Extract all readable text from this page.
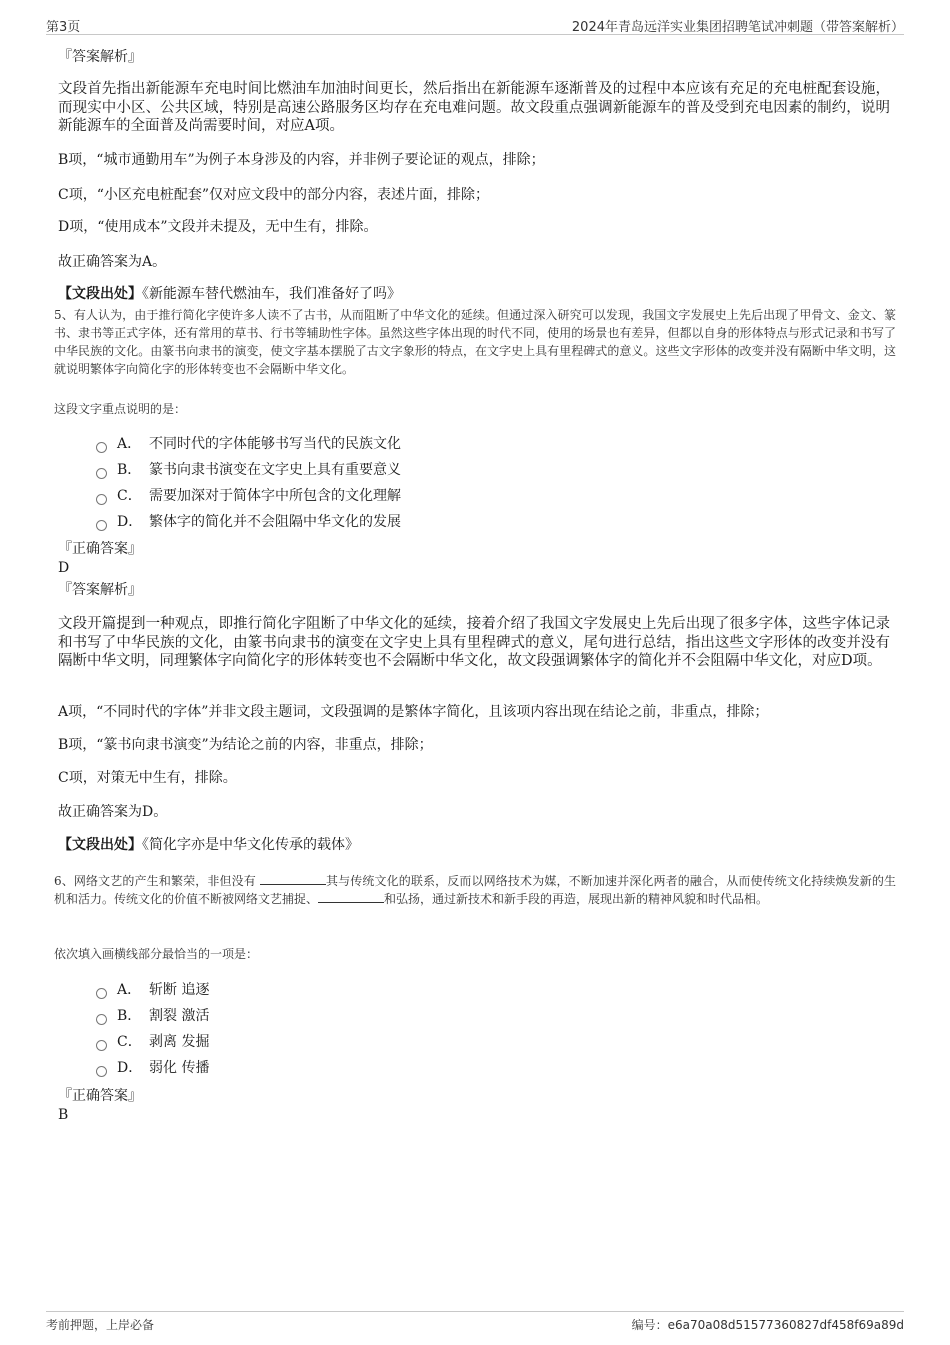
第3页	2024年青岛远洋实业集团招聘笔试冲刺题（带答案解析）
『答案解析』
文段首先指出新能源车充电时间比燃油车加油时间更长，然后指出在新能源车逐渐普及的过程中本应该有充足的充电桩配套设施，而现实中小区、公共区域，特别是高速公路服务区均存在充电难问题。故文段重点强调新能源车的普及受到充电因素的制约，说明新能源车的全面普及尚需要时间，对应A项。
B项，“城市通勤用车”为例子本身涉及的内容，并非例子要论证的观点，排除；
C项，“小区充电桩配套”仅对应文段中的部分内容，表述片面，排除；
D项，“使用成本”文段并未提及，无中生有，排除。
故正确答案为A。
【文段出处】《新能源车替代燃油车，我们准备好了吗》
5、有人认为，由于推行简化字使许多人读不了古书，从而阻断了中华文化的延续。但通过深入研究可以发现，我国文字发展史上先后出现了甲骨文、金文、篆书、隶书等正式字体，还有常用的草书、行书等辅助性字体。虽然这些字体出现的时代不同，使用的场景也有差异，但都以自身的形体特点与形式记录和书写了中华民族的文化。由篆书向隶书的演变，使文字基本摆脱了古文字象形的特点，在文字史上具有里程碑式的意义。这些文字形体的改变并没有隔断中华文明，这就说明繁体字向简化字的形体转变也不会隔断中华文化。
这段文字重点说明的是：
A． 不同时代的字体能够书写当代的民族文化
B． 篆书向隶书演变在文字史上具有重要意义
C． 需要加深对于简体字中所包含的文化理解
D． 繁体字的简化并不会阻隔中华文化的发展
『正确答案』
D
『答案解析』
文段开篇提到一种观点，即推行简化字阻断了中华文化的延续，接着介绍了我国文字发展史上先后出现了很多字体，这些字体记录和书写了中华民族的文化，由篆书向隶书的演变在文字史上具有里程碑式的意义，尾句进行总结，指出这些文字形体的改变并没有隔断中华文明，同理繁体字向简化字的形体转变也不会隔断中华文化，故文段强调繁体字的简化并不会阻隔中华文化，对应D项。
A项，“不同时代的字体”并非文段主题词，文段强调的是繁体字简化，且该项内容出现在结论之前，非重点，排除；
B项，“篆书向隶书演变”为结论之前的内容，非重点，排除；
C项，对策无中生有，排除。
故正确答案为D。
【文段出处】《简化字亦是中华文化传承的载体》
6、网络文艺的产生和繁荣，非但没有	其与传统文化的联系，反而以网络技术为媒，不断加速并深化两者的融合，从而使传统文化持续焕发新的生机和活力。传统文化的价值不断被网络文艺捕捉、	和弘扬，通过新技术和新手段的再造，展现出新的精神风貌和时代品相。
依次填入画横线部分最恰当的一项是：
A． 斩断 追逐
B． 割裂 激活
C． 剥离 发掘
D． 弱化 传播
『正确答案』
B
考前押题，上岸必备	编号：e6a70a08d51577360827df458f69a89d
